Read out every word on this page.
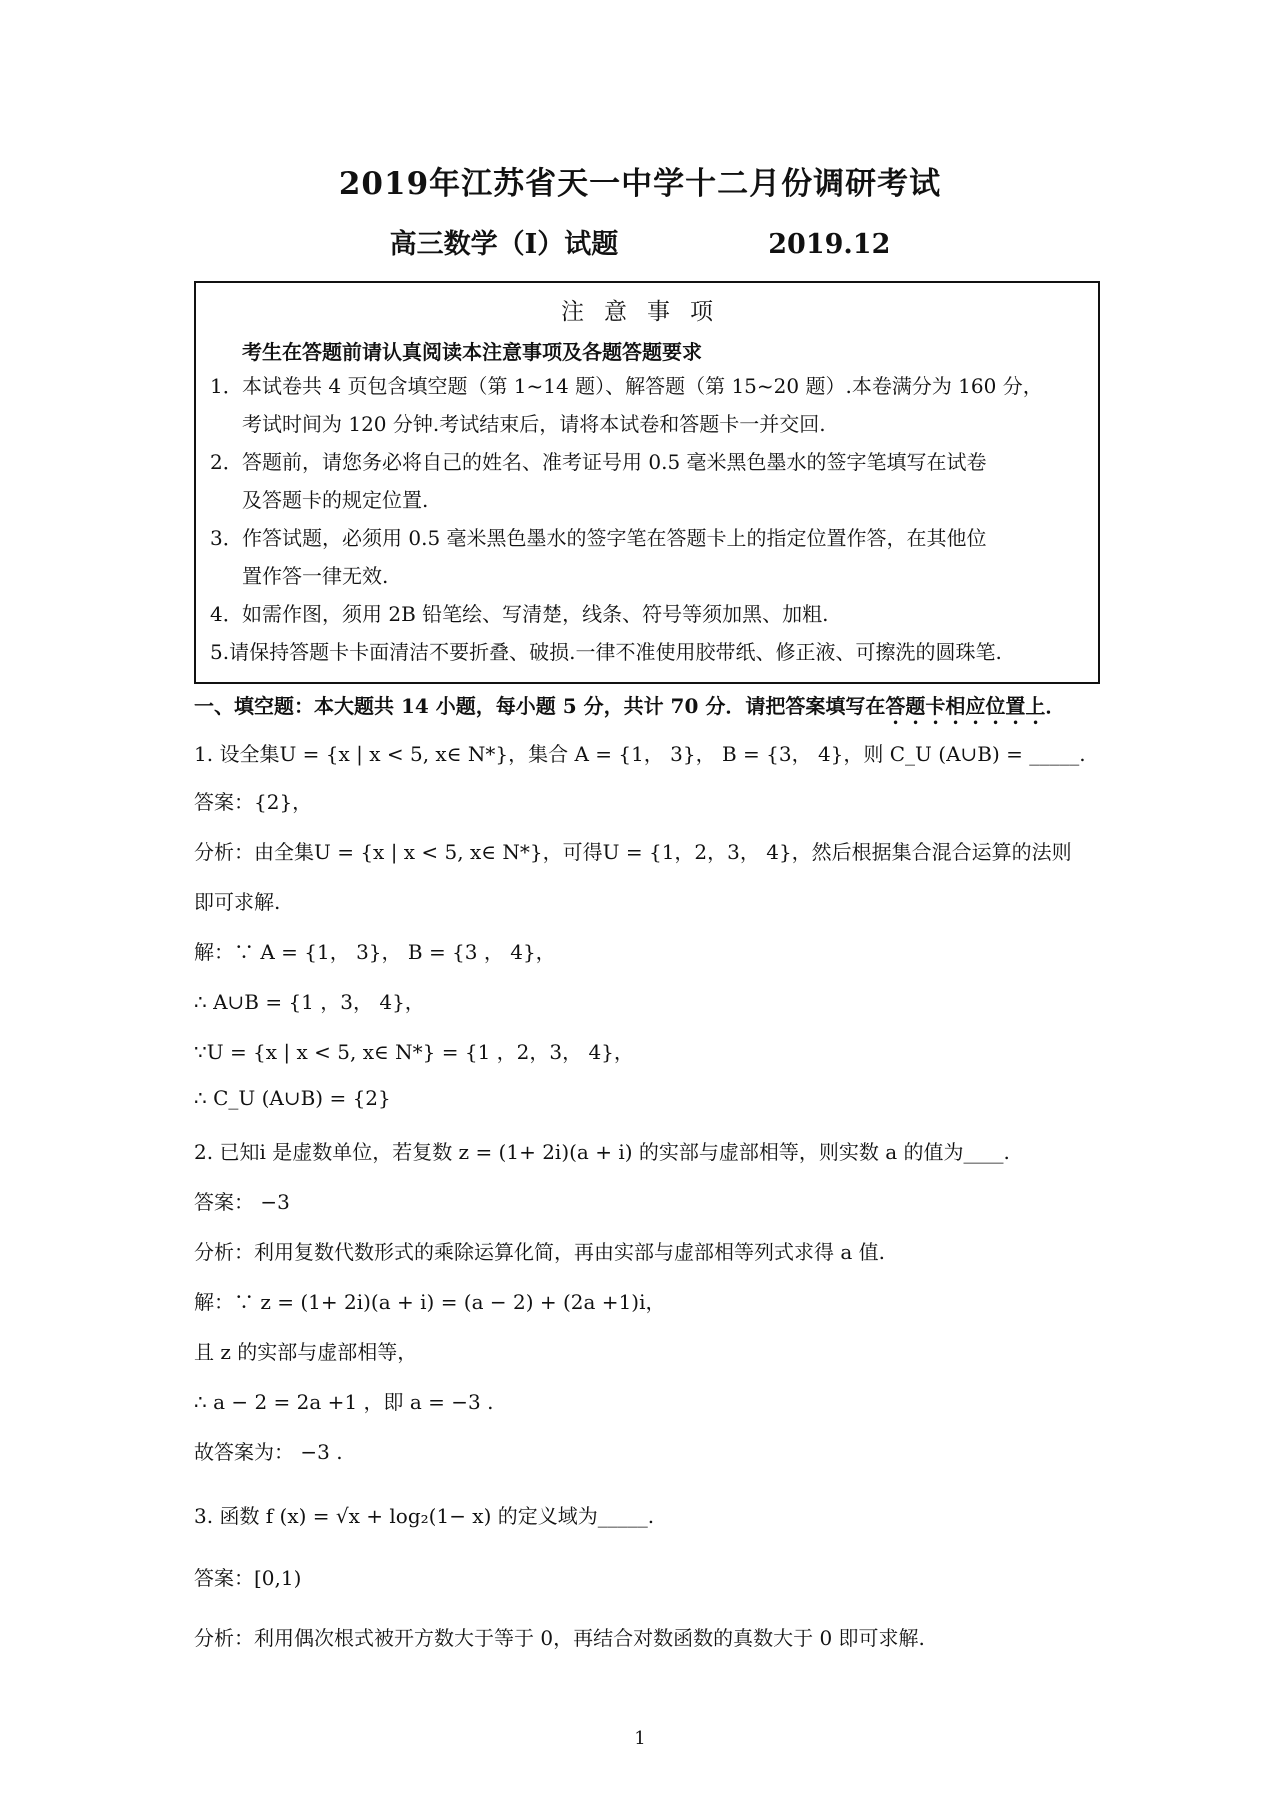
2019年江苏省天一中学十二月份调研考试
高三数学（Ⅰ）试题	2019.12
注意事项
考生在答题前请认真阅读本注意事项及各题答题要求
1． 本试卷共 4 页包含填空题（第 1~14 题）、解答题（第 15~20 题）.本卷满分为 160 分，
考试时间为 120 分钟.考试结束后，请将本试卷和答题卡一并交回.
2． 答题前，请您务必将自己的姓名、准考证号用 0.5 毫米黑色墨水的签字笔填写在试卷
及答题卡的规定位置.
3． 作答试题，必须用 0.5 毫米黑色墨水的签字笔在答题卡上的指定位置作答，在其他位
置作答一律无效.
4． 如需作图，须用 2B 铅笔绘、写清楚，线条、符号等须加黑、加粗.
5.请保持答题卡卡面清洁不要折叠、破损.一律不准使用胶带纸、修正液、可擦洗的圆珠笔.
一、填空题：本大题共 14 小题，每小题 5 分，共计 70 分．请把答案填写在答题卡相应位置上．
1. 设全集U = {x | x < 5, x∈ N*}，集合 A = {1， 3}， B = {3， 4}，则 C_U (A∪B) = _____.
答案：{2}，
分析：由全集U = {x | x < 5, x∈ N*}，可得U = {1，2，3， 4}，然后根据集合混合运算的法则
即可求解.
解：∵ A = {1， 3}， B = {3 ， 4}，
∴ A∪B = {1 ，3， 4}，
∵U = {x | x < 5, x∈ N*} = {1 ，2，3， 4}，
∴ C_U (A∪B) = {2}
2. 已知i 是虚数单位，若复数 z = (1+ 2i)(a + i) 的实部与虚部相等，则实数 a 的值为____.
答案： −3
分析：利用复数代数形式的乘除运算化简，再由实部与虚部相等列式求得 a 值.
解：∵ z = (1+ 2i)(a + i) = (a − 2) + (2a +1)i，
且 z 的实部与虚部相等，
∴ a − 2 = 2a +1 ，即 a = −3 .
故答案为： −3 .
3. 函数 f (x) = √x + log₂(1− x) 的定义域为_____.
答案：[0,1)
分析：利用偶次根式被开方数大于等于 0，再结合对数函数的真数大于 0 即可求解.
1
